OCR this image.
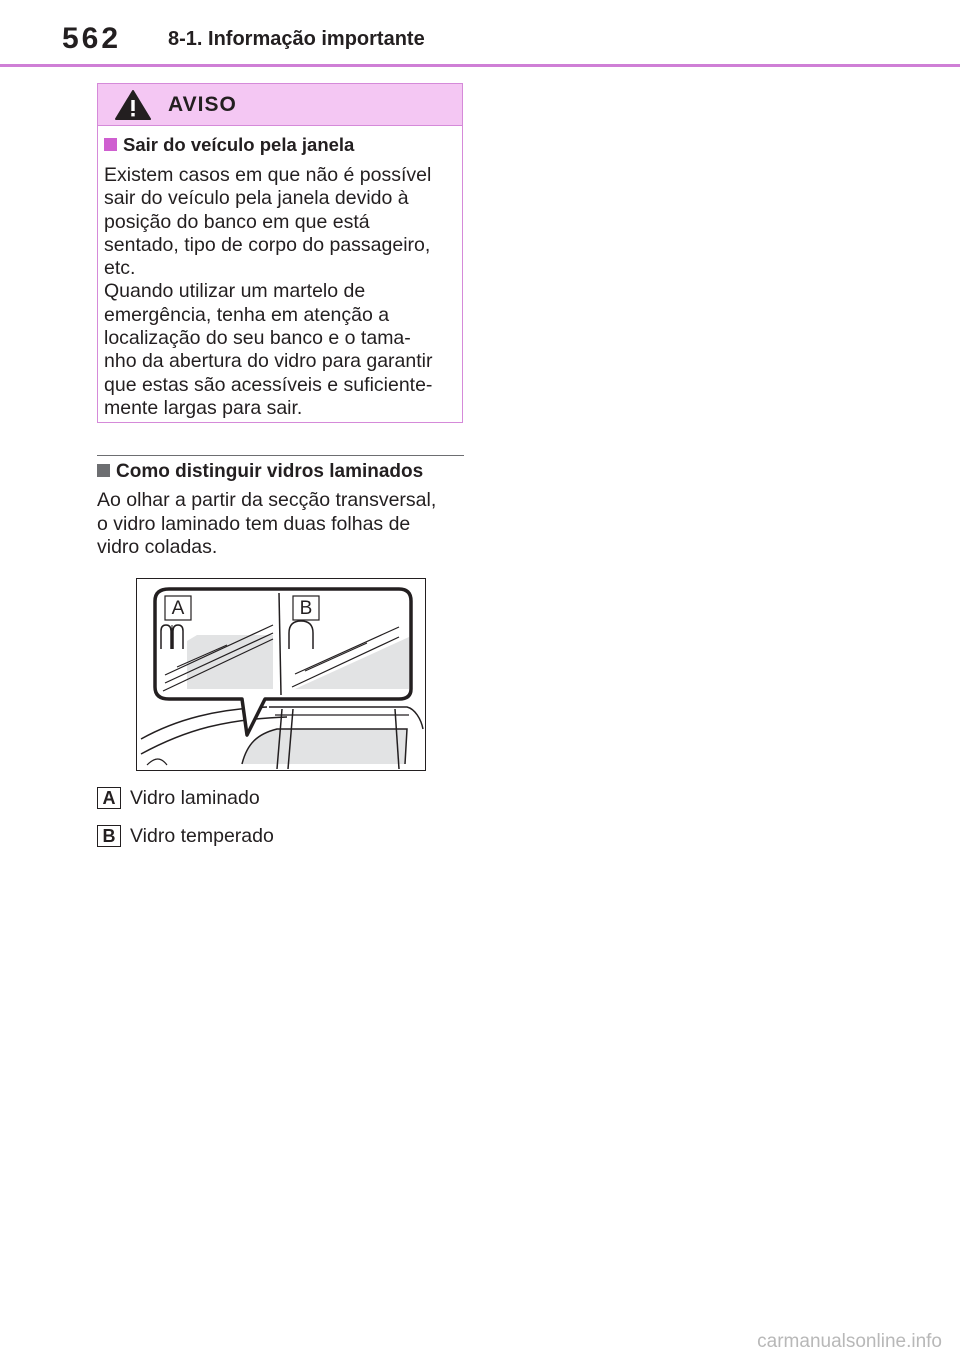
562 8-1. Informação importante
AVISO
Sair do veículo pela janela

Existem casos em que não é possível
sair do veículo pela janela devido à
posição do banco em que está
sentado, tipo de corpo do passageiro,
etc.
Quando utilizar um martelo de
emergência, tenha em atenção a
localização do seu banco e o tama-
nho da abertura do vidro para garantir
que estas são acessíveis e suficiente-
mente largas para sair.

Como distinguir vidros laminados
Ao olhar a partir da secção transversal,
o vidro laminado tem duas folhas de
vidro coladas.
A	B
A Vidro laminado
B Vidro temperado
carmanualsonline.info
